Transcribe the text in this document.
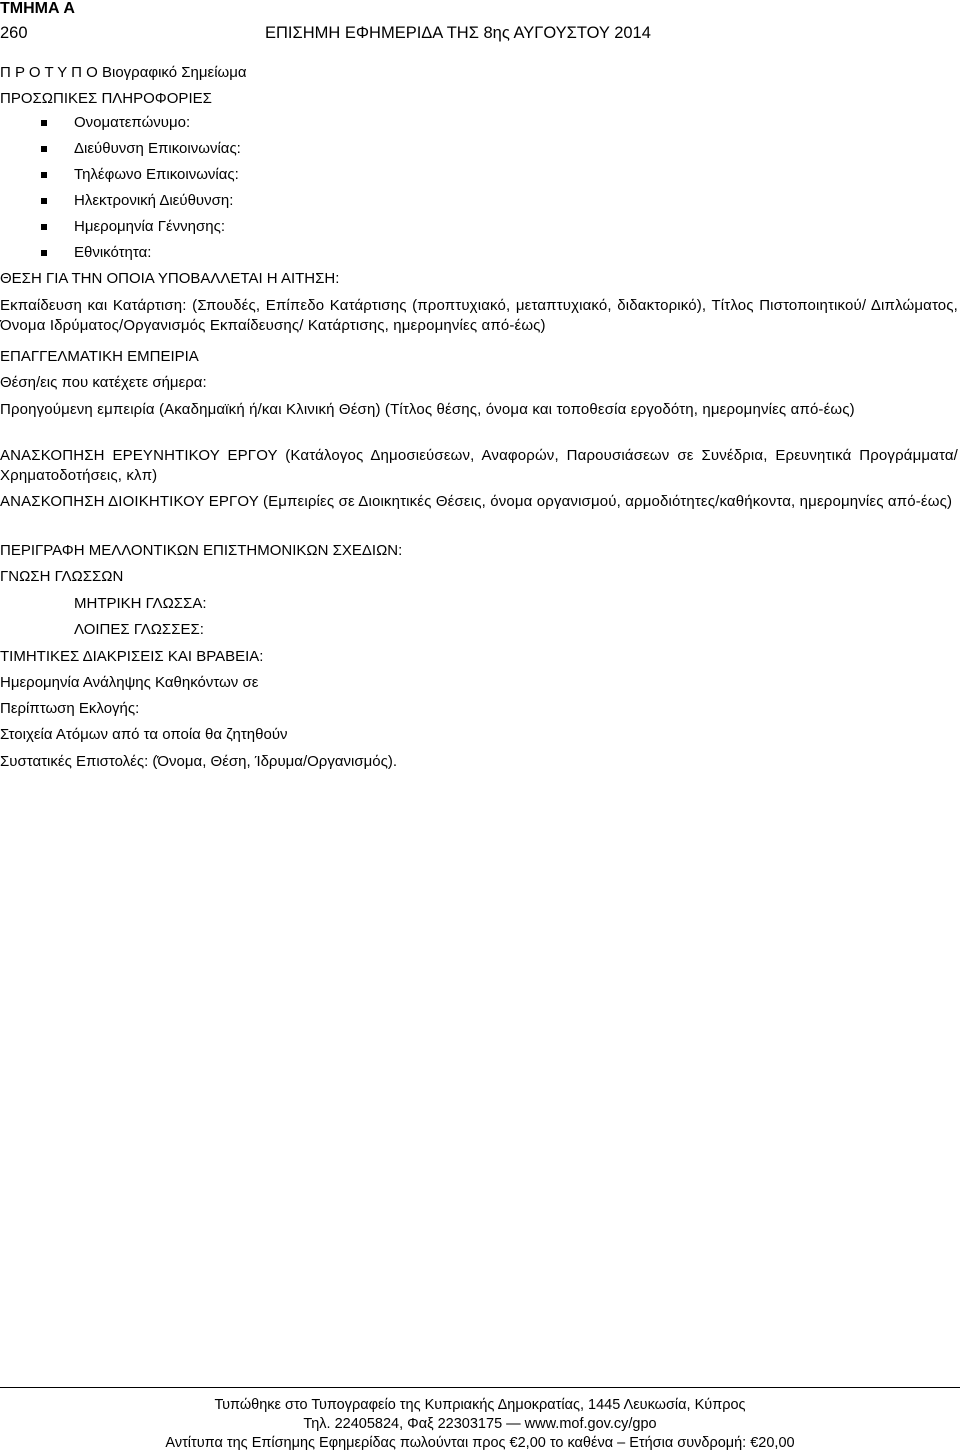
ΤΜΗΜΑ Α
260	ΕΠΙΣΗΜΗ ΕΦΗΜΕΡΙΔΑ ΤΗΣ 8ης ΑΥΓΟΥΣΤΟΥ 2014
Π Ρ Ο Τ Υ Π Ο Βιογραφικό Σημείωμα
ΠΡΟΣΩΠΙΚΕΣ ΠΛΗΡΟΦΟΡΙΕΣ
Ονοματεπώνυμο:
Διεύθυνση Επικοινωνίας:
Τηλέφωνο Επικοινωνίας:
Ηλεκτρονική Διεύθυνση:
Ημερομηνία Γέννησης:
Εθνικότητα:
ΘΕΣΗ ΓΙΑ ΤΗΝ ΟΠΟΙΑ ΥΠΟΒΑΛΛΕΤΑΙ Η ΑΙΤΗΣΗ:
Εκπαίδευση και Κατάρτιση: (Σπουδές, Επίπεδο Κατάρτισης (προπτυχιακό, μεταπτυχιακό, διδακτορικό), Τίτλος Πιστοποιητικού/ Διπλώματος, Όνομα Ιδρύματος/Οργανισμός Εκπαίδευσης/ Κατάρτισης, ημερομηνίες από-έως)
ΕΠΑΓΓΕΛΜΑΤΙΚΗ ΕΜΠΕΙΡΙΑ
Θέση/εις που κατέχετε σήμερα:
Προηγούμενη εμπειρία (Ακαδημαϊκή ή/και Κλινική Θέση) (Τίτλος θέσης, όνομα και τοποθεσία εργοδότη, ημερομηνίες από-έως)
ΑΝΑΣΚΟΠΗΣΗ ΕΡΕΥΝΗΤΙΚΟΥ ΕΡΓΟΥ (Κατάλογος Δημοσιεύσεων, Αναφορών, Παρουσιάσεων σε Συνέδρια, Ερευνητικά Προγράμματα/Χρηματοδοτήσεις, κλπ)
ΑΝΑΣΚΟΠΗΣΗ ΔΙΟΙΚΗΤΙΚΟΥ ΕΡΓΟΥ (Εμπειρίες σε Διοικητικές Θέσεις, όνομα οργανισμού, αρμοδιότητες/καθήκοντα, ημερομηνίες από-έως)
ΠΕΡΙΓΡΑΦΗ ΜΕΛΛΟΝΤΙΚΩΝ ΕΠΙΣΤΗΜΟΝΙΚΩΝ ΣΧΕΔΙΩΝ:
ΓΝΩΣΗ ΓΛΩΣΣΩΝ
ΜΗΤΡΙΚΗ ΓΛΩΣΣΑ:
ΛΟΙΠΕΣ ΓΛΩΣΣΕΣ:
ΤΙΜΗΤΙΚΕΣ ΔΙΑΚΡΙΣΕΙΣ ΚΑΙ ΒΡΑΒΕΙΑ:
Ημερομηνία Ανάληψης Καθηκόντων σε
Περίπτωση Εκλογής:
Στοιχεία Ατόμων από τα οποία θα ζητηθούν
Συστατικές Επιστολές: (Όνομα, Θέση, Ίδρυμα/Οργανισμός).
Τυπώθηκε στο Τυπογραφείο της Κυπριακής Δημοκρατίας, 1445 Λευκωσία, Κύπρος
Τηλ. 22405824, Φαξ 22303175 — www.mof.gov.cy/gpo
Αντίτυπα της Επίσημης Εφημερίδας πωλούνται προς €2,00 το καθένα – Ετήσια συνδρομή: €20,00
